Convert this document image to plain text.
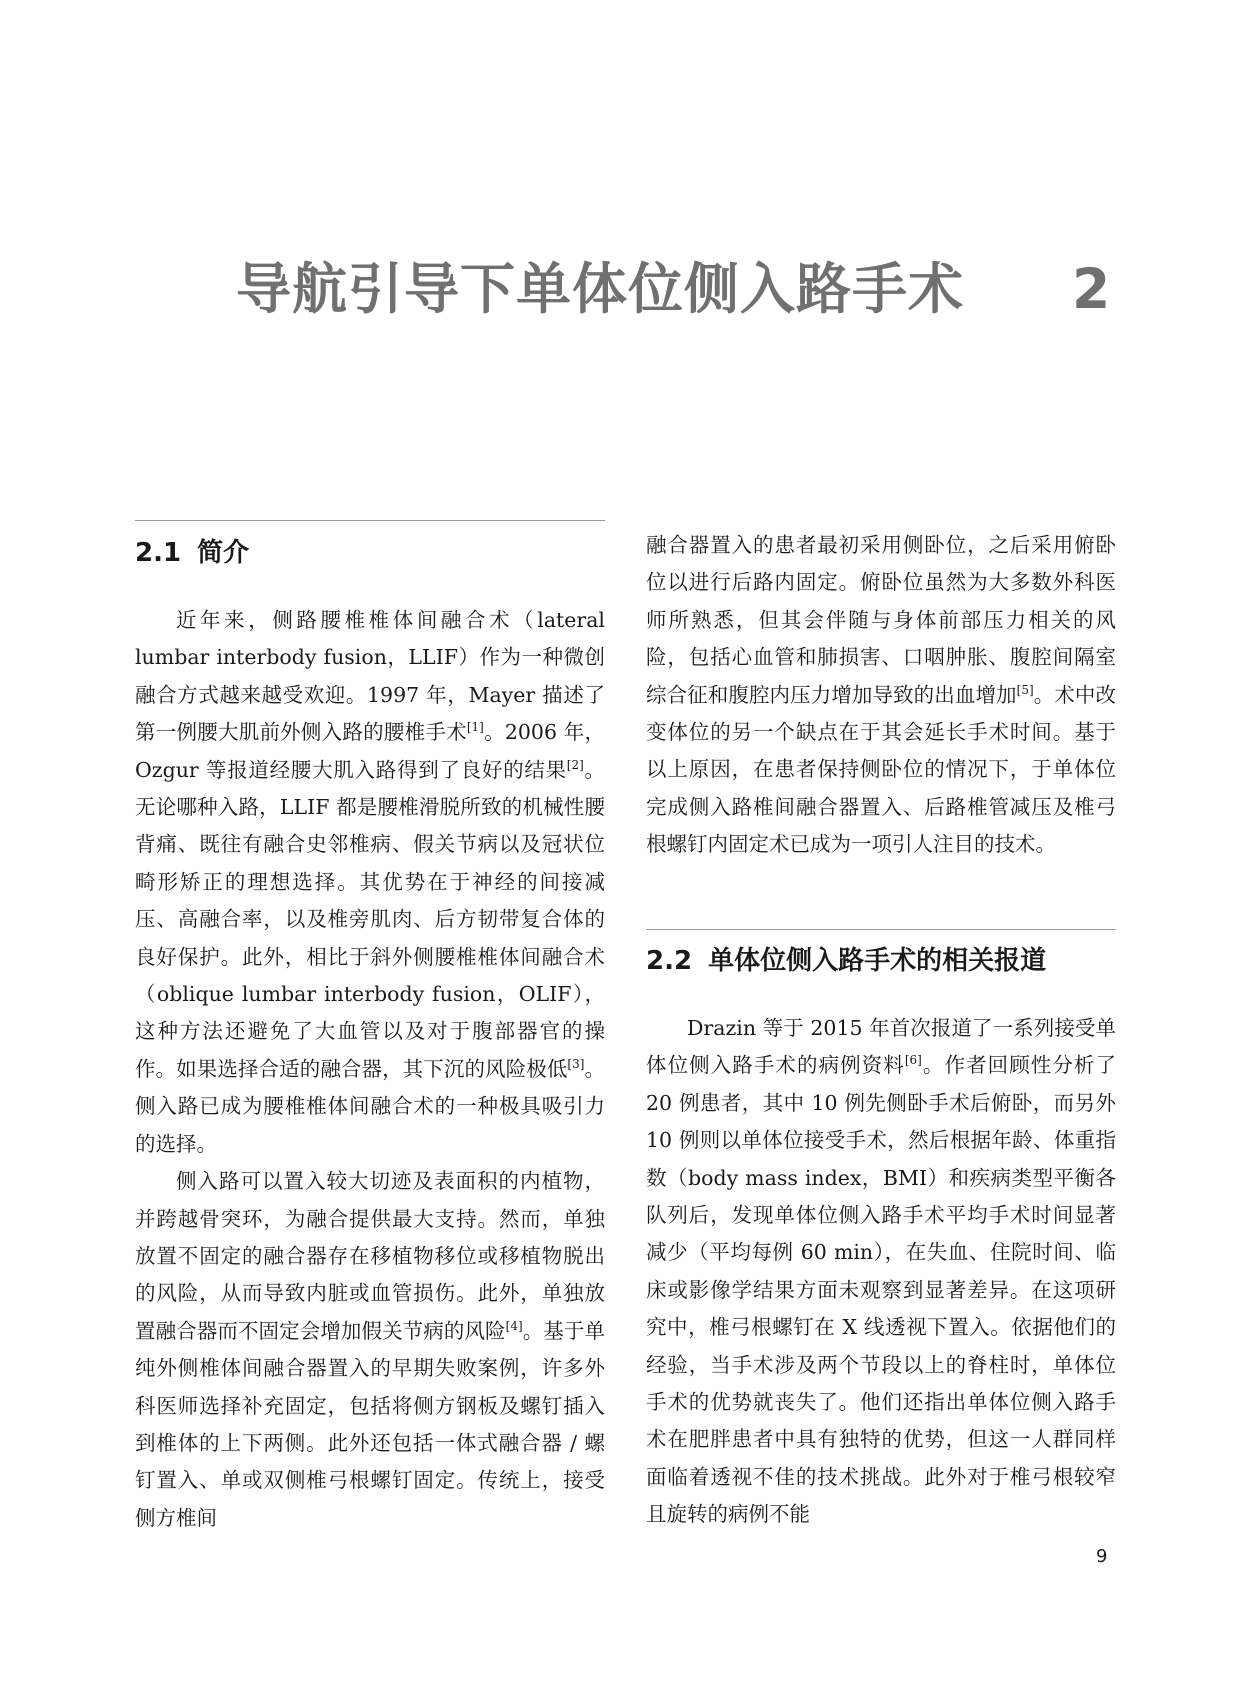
导航引导下单体位侧入路手术 2
2.1 简介

近年来，侧路腰椎椎体间融合术（lateral lumbar interbody fusion，LLIF）作为一种微创融合方式越来越受欢迎。1997 年，Mayer 描述了第一例腰大肌前外侧入路的腰椎手术[1]。2006 年，Ozgur 等报道经腰大肌入路得到了良好的结果[2]。无论哪种入路，LLIF 都是腰椎滑脱所致的机械性腰背痛、既往有融合史邻椎病、假关节病以及冠状位畸形矫正的理想选择。其优势在于神经的间接减压、高融合率，以及椎旁肌肉、后方韧带复合体的良好保护。此外，相比于斜外侧腰椎椎体间融合术（oblique lumbar interbody fusion，OLIF），这种方法还避免了大血管以及对于腹部器官的操作。如果选择合适的融合器，其下沉的风险极低[3]。侧入路已成为腰椎椎体间融合术的一种极具吸引力的选择。

侧入路可以置入较大切迹及表面积的内植物，并跨越骨突环，为融合提供最大支持。然而，单独放置不固定的融合器存在移植物移位或移植物脱出的风险，从而导致内脏或血管损伤。此外，单独放置融合器而不固定会增加假关节病的风险[4]。基于单纯外侧椎体间融合器置入的早期失败案例，许多外科医师选择补充固定，包括将侧方钢板及螺钉插入到椎体的上下两侧。此外还包括一体式融合器 / 螺钉置入、单或双侧椎弓根螺钉固定。传统上，接受侧方椎间

融合器置入的患者最初采用侧卧位，之后采用俯卧位以进行后路内固定。俯卧位虽然为大多数外科医师所熟悉，但其会伴随与身体前部压力相关的风险，包括心血管和肺损害、口咽肿胀、腹腔间隔室综合征和腹腔内压力增加导致的出血增加[5]。术中改变体位的另一个缺点在于其会延长手术时间。基于以上原因，在患者保持侧卧位的情况下，于单体位完成侧入路椎间融合器置入、后路椎管减压及椎弓根螺钉内固定术已成为一项引人注目的技术。

2.2 单体位侧入路手术的相关报道

Drazin 等于 2015 年首次报道了一系列接受单体位侧入路手术的病例资料[6]。作者回顾性分析了 20 例患者，其中 10 例先侧卧手术后俯卧，而另外 10 例则以单体位接受手术，然后根据年龄、体重指数（body mass index，BMI）和疾病类型平衡各队列后，发现单体位侧入路手术平均手术时间显著减少（平均每例 60 min），在失血、住院时间、临床或影像学结果方面未观察到显著差异。在这项研究中，椎弓根螺钉在 X 线透视下置入。依据他们的经验，当手术涉及两个节段以上的脊柱时，单体位手术的优势就丧失了。他们还指出单体位侧入路手术在肥胖患者中具有独特的优势，但这一人群同样面临着透视不佳的技术挑战。此外对于椎弓根较窄且旋转的病例不能

9
